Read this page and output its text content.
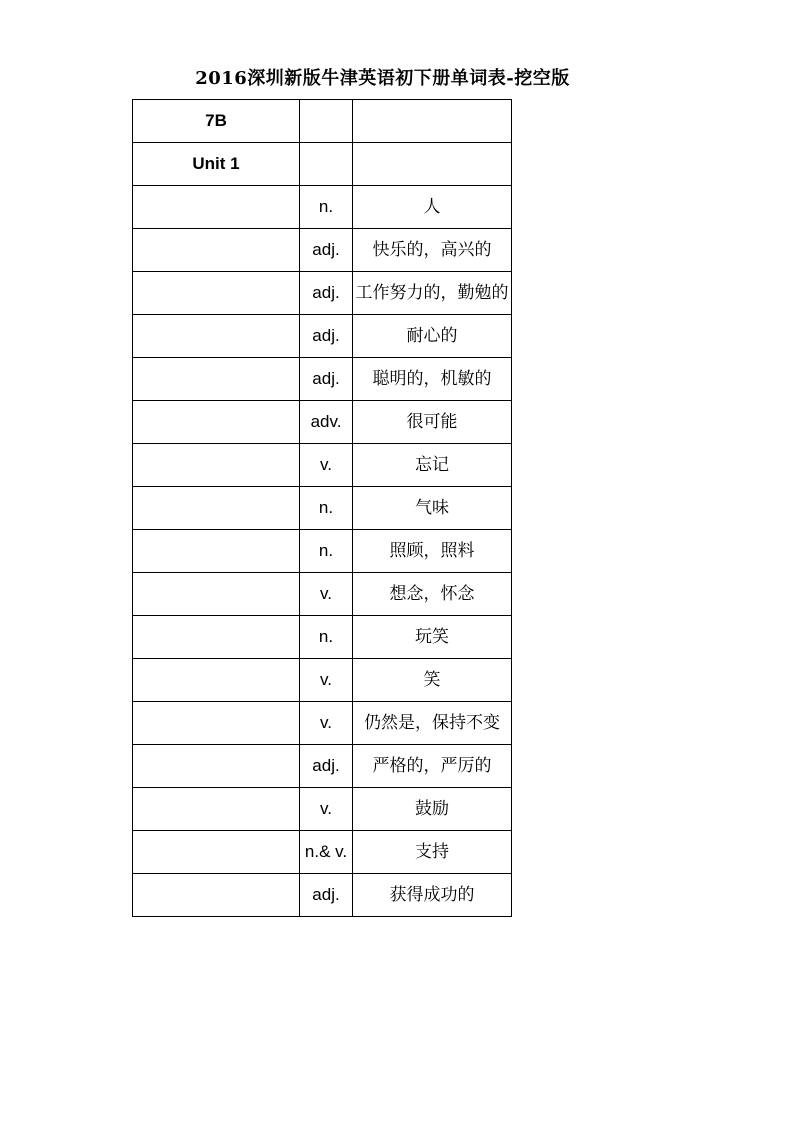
2016深圳新版牛津英语初下册单词表-挖空版
7B		
Unit 1		
	n.	人
	adj.	快乐的，高兴的
	adj.	工作努力的，勤勉的
	adj.	耐心的
	adj.	聪明的，机敏的
	adv.	很可能
	v.	忘记
	n.	气味
	n.	照顾，照料
	v.	想念，怀念
	n.	玩笑
	v.	笑
	v.	仍然是，保持不变
	adj.	严格的，严厉的
	v.	鼓励
	n.& v.	支持
	adj.	获得成功的
